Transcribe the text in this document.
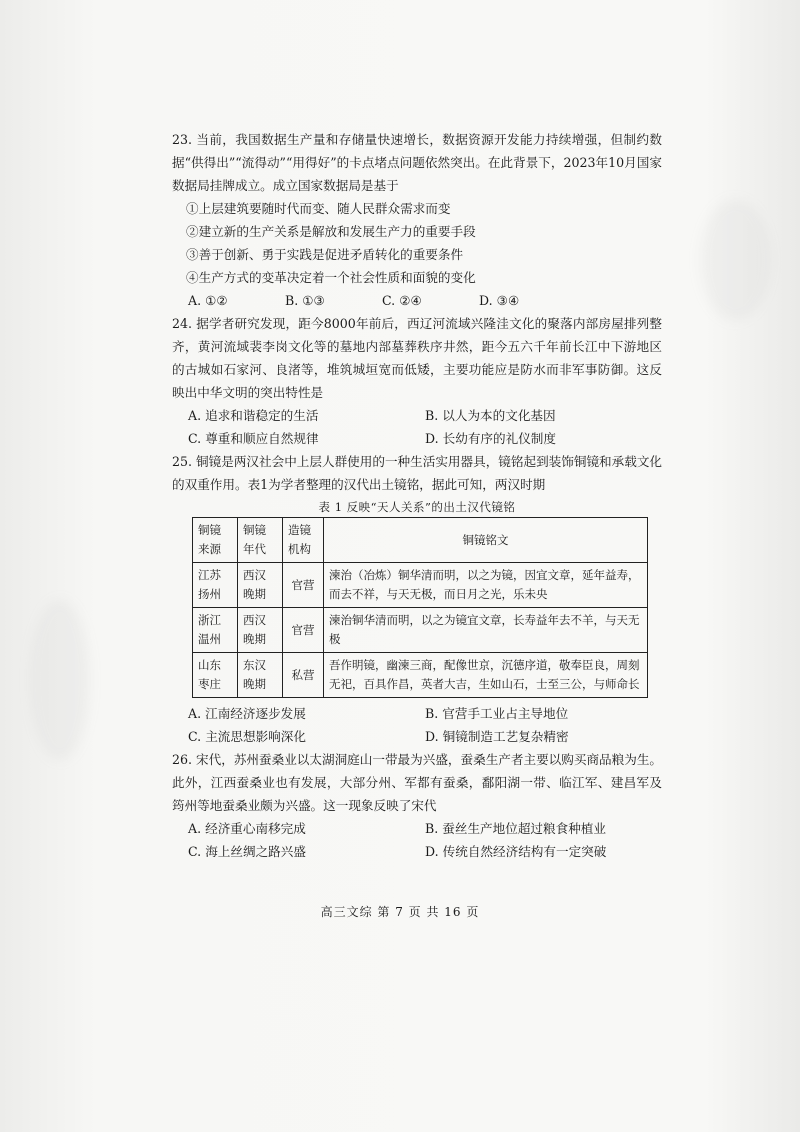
23. 当前，我国数据生产量和存储量快速增长，数据资源开发能力持续增强，但制约数据“供得出”“流得动”“用得好”的卡点堵点问题依然突出。在此背景下，2023年10月国家数据局挂牌成立。成立国家数据局是基于

①上层建筑要随时代而变、随人民群众需求而变
②建立新的生产关系是解放和发展生产力的重要手段
③善于创新、勇于实践是促进矛盾转化的重要条件
④生产方式的变革决定着一个社会性质和面貌的变化
A. ①②	B. ①③	C. ②④	D. ③④

24. 据学者研究发现，距今8000年前后，西辽河流域兴隆洼文化的聚落内部房屋排列整齐，黄河流域裴李岗文化等的墓地内部墓葬秩序井然，距今五六千年前长江中下游地区的古城如石家河、良渚等，堆筑城垣宽而低矮，主要功能应是防水而非军事防御。这反映出中华文明的突出特性是

A. 追求和谐稳定的生活	B. 以人为本的文化基因
C. 尊重和顺应自然规律	D. 长幼有序的礼仪制度

25. 铜镜是两汉社会中上层人群使用的一种生活实用器具，镜铭起到装饰铜镜和承载文化的双重作用。表1为学者整理的汉代出土镜铭，据此可知，两汉时期

表 1 反映“天人关系”的出土汉代镜铭
铜镜来源	铜镜年代	造镜机构	铜镜铭文
江苏扬州	西汉晚期	官营	湅治（冶炼）铜华清而明，以之为镜，因宜文章，延年益寿，而去不祥，与天无极，而日月之光，乐未央
浙江温州	西汉晚期	官营	湅治铜华清而明，以之为镜宜文章，长寿益年去不羊，与天无极
山东枣庄	东汉晚期	私营	吾作明镜，幽湅三商，配像世京，沉德序道，敬奉臣良，周刻无祀，百具作昌，英者大吉，生如山石，士至三公，与师命长
A. 江南经济逐步发展	B. 官营手工业占主导地位
C. 主流思想影响深化	D. 铜镜制造工艺复杂精密

26. 宋代，苏州蚕桑业以太湖洞庭山一带最为兴盛，蚕桑生产者主要以购买商品粮为生。此外，江西蚕桑业也有发展，大部分州、军都有蚕桑，鄱阳湖一带、临江军、建昌军及筠州等地蚕桑业颇为兴盛。这一现象反映了宋代

A. 经济重心南移完成	B. 蚕丝生产地位超过粮食种植业
C. 海上丝绸之路兴盛	D. 传统自然经济结构有一定突破
高三文综 第 7 页 共 16 页
